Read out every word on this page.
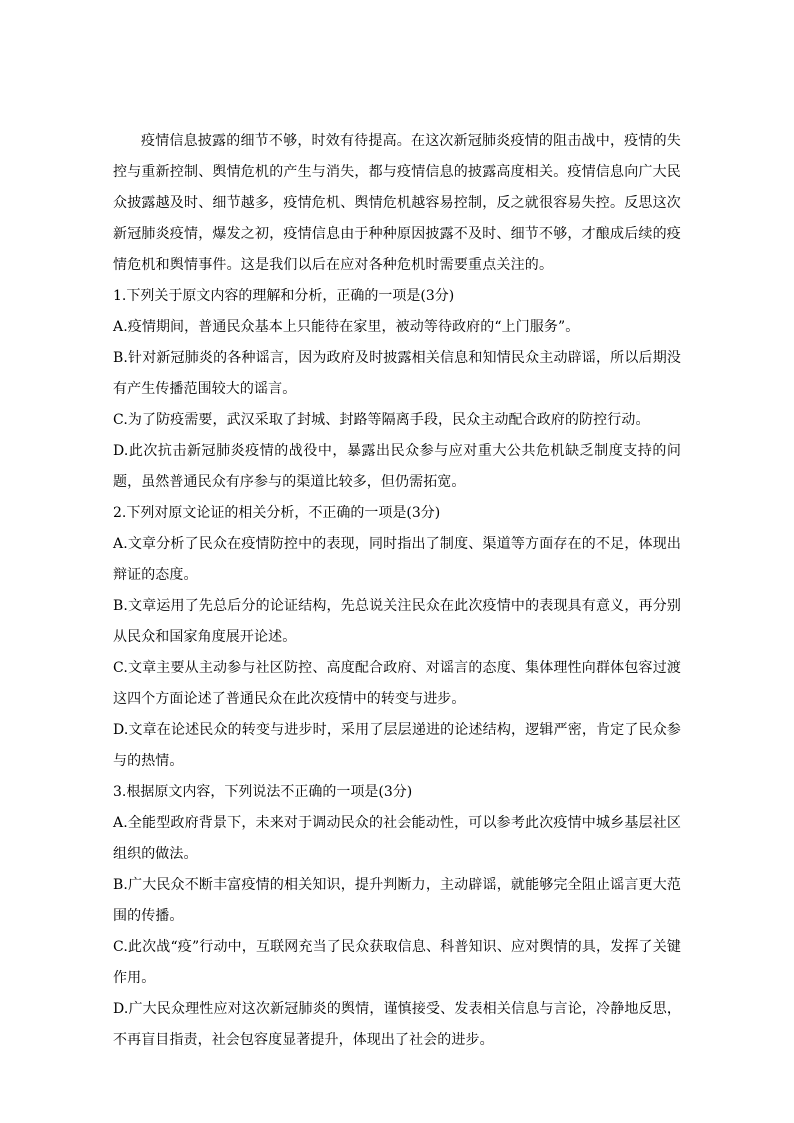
疫情信息披露的细节不够，时效有待提高。在这次新冠肺炎疫情的阻击战中，疫情的失控与重新控制、舆情危机的产生与消失，都与疫情信息的披露高度相关。疫情信息向广大民众披露越及时、细节越多，疫情危机、舆情危机越容易控制，反之就很容易失控。反思这次新冠肺炎疫情，爆发之初，疫情信息由于种种原因披露不及时、细节不够，才酿成后续的疫情危机和舆情事件。这是我们以后在应对各种危机时需要重点关注的。

1.下列关于原文内容的理解和分析，正确的一项是(3分)

A.疫情期间，普通民众基本上只能待在家里，被动等待政府的“上门服务”。

B.针对新冠肺炎的各种谣言，因为政府及时披露相关信息和知情民众主动辟谣，所以后期没有产生传播范围较大的谣言。

C.为了防疫需要，武汉采取了封城、封路等隔离手段，民众主动配合政府的防控行动。

D.此次抗击新冠肺炎疫情的战役中，暴露出民众参与应对重大公共危机缺乏制度支持的问题，虽然普通民众有序参与的渠道比较多，但仍需拓宽。

2.下列对原文论证的相关分析，不正确的一项是(3分)

A.文章分析了民众在疫情防控中的表现，同时指出了制度、渠道等方面存在的不足，体现出辩证的态度。

B.文章运用了先总后分的论证结构，先总说关注民众在此次疫情中的表现具有意义，再分别从民众和国家角度展开论述。

C.文章主要从主动参与社区防控、高度配合政府、对谣言的态度、集体理性向群体包容过渡这四个方面论述了普通民众在此次疫情中的转变与进步。

D.文章在论述民众的转变与进步时，采用了层层递进的论述结构，逻辑严密，肯定了民众参与的热情。

3.根据原文内容，下列说法不正确的一项是(3分)

A.全能型政府背景下，未来对于调动民众的社会能动性，可以参考此次疫情中城乡基层社区组织的做法。

B.广大民众不断丰富疫情的相关知识，提升判断力，主动辟谣，就能够完全阻止谣言更大范围的传播。

C.此次战“疫”行动中，互联网充当了民众获取信息、科普知识、应对舆情的具，发挥了关键作用。

D.广大民众理性应对这次新冠肺炎的舆情，谨慎接受、发表相关信息与言论，冷静地反思，不再盲目指责，社会包容度显著提升，体现出了社会的进步。
